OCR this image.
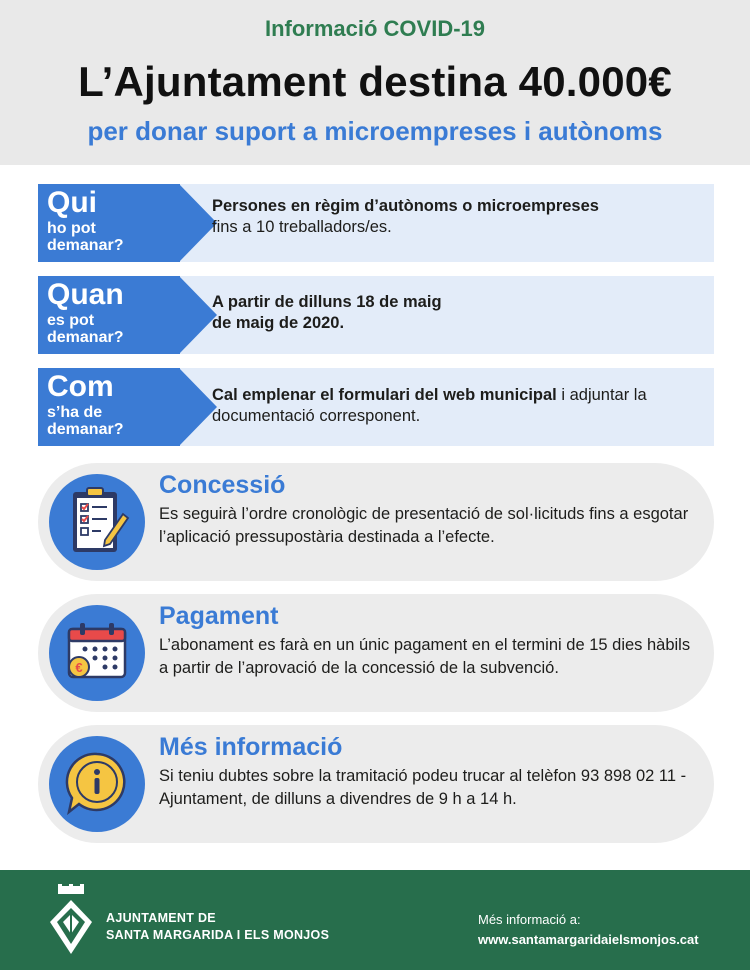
Informació COVID-19
L’Ajuntament destina 40.000€
per donar suport a microempreses i autònoms
Qui
ho pot
demanar?
Persones en règim d’autònoms o microempreses
fins a 10 treballadors/es.
Quan
es pot
demanar?
A partir de dilluns 18 de maig
de maig de 2020.
Com
s’ha de
demanar?
Cal emplenar el formulari del web municipal i adjuntar la documentació corresponent.
Concessió
Es seguirà l’ordre cronològic de presentació de sol·licituds fins a esgotar l’aplicació pressupostària destinada a l’efecte.
€
Pagament
L’abonament es farà en un únic pagament en el termini de 15 dies hàbils a partir de l’aprovació de la concessió de la subvenció.
Més informació
Si teniu dubtes sobre la tramitació podeu trucar al telèfon 93 898 02 11 - Ajuntament, de dilluns a divendres de 9 h a 14 h.
AJUNTAMENT DE
SANTA MARGARIDA I ELS MONJOS
Més informació a:
www.santamargaridaielsmonjos.cat
